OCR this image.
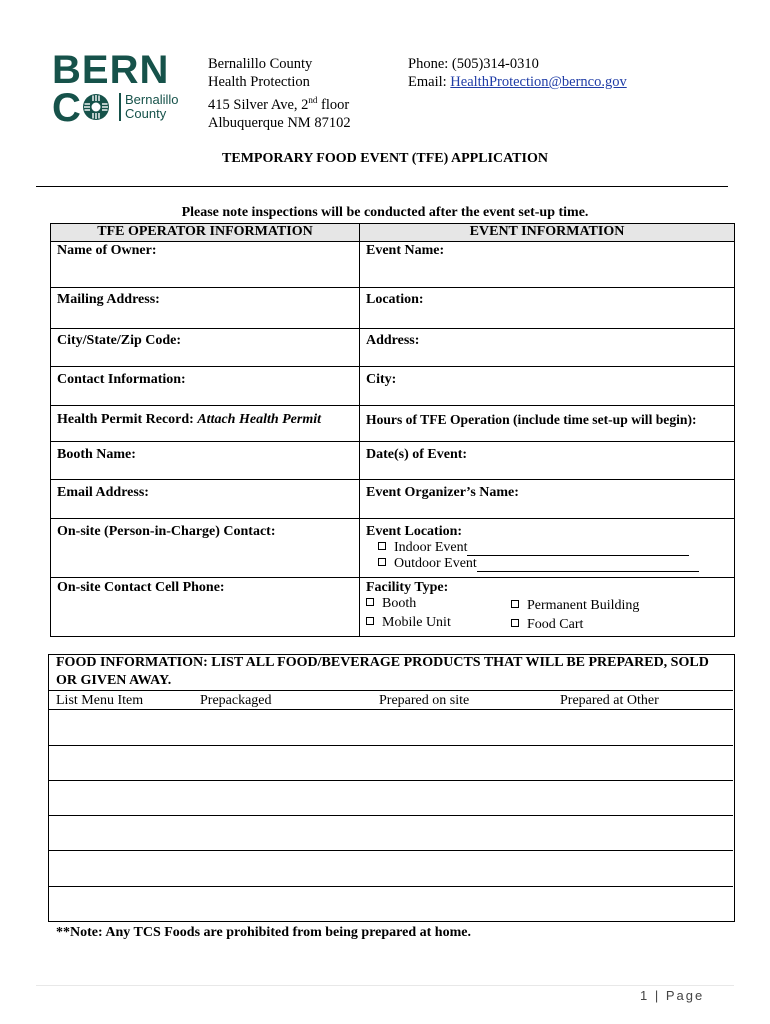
BERN
C	Bernalillo
County
Bernalillo County
Health Protection
415 Silver Ave, 2nd floor
Albuquerque NM 87102
Phone: (505)314-0310
Email: HealthProtection@bernco.gov
TEMPORARY FOOD EVENT (TFE) APPLICATION
Please note inspections will be conducted after the event set-up time.
TFE OPERATOR INFORMATION	EVENT INFORMATION
Name of Owner:	Event Name:
Mailing Address:	Location:
City/State/Zip Code:	Address:
Contact Information:	City:
Health Permit Record: Attach Health Permit	Hours of TFE Operation (include time set-up will begin):
Booth Name:	Date(s) of Event:
Email Address:	Event Organizer’s Name:
On-site (Person-in-Charge) Contact:	Event Location:
Indoor Event
Outdoor Event

On-site Contact Cell Phone:	Facility Type:
Booth Permanent Building
Mobile Unit Food Cart
FOOD INFORMATION: LIST ALL FOOD/BEVERAGE PRODUCTS THAT WILL BE PREPARED, SOLD OR GIVEN AWAY.
List Menu Item	Prepackaged	Prepared on site	Prepared at Other
**Note: Any TCS Foods are prohibited from being prepared at home.
1 | Page
